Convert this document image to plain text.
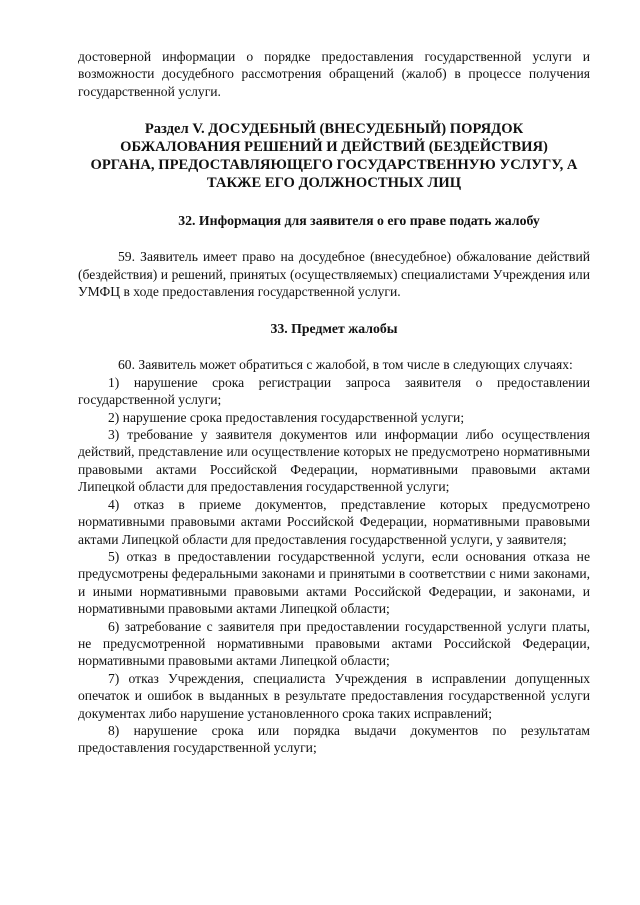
достоверной информации о порядке предоставления государственной услуги и возможности досудебного рассмотрения обращений (жалоб) в процессе получения государственной услуги.

Раздел V. ДОСУДЕБНЫЙ (ВНЕСУДЕБНЫЙ) ПОРЯДОК ОБЖАЛОВАНИЯ РЕШЕНИЙ И ДЕЙСТВИЙ (БЕЗДЕЙСТВИЯ) ОРГАНА, ПРЕДОСТАВЛЯЮЩЕГО ГОСУДАРСТВЕННУЮ УСЛУГУ, А ТАКЖЕ ЕГО ДОЛЖНОСТНЫХ ЛИЦ

32. Информация для заявителя о его праве подать жалобу

59. Заявитель имеет право на досудебное (внесудебное) обжалование действий (бездействия) и решений, принятых (осуществляемых) специалистами Учреждения или УМФЦ в ходе предоставления государственной услуги.

33. Предмет жалобы

60. Заявитель может обратиться с жалобой, в том числе в следующих случаях:

1) нарушение срока регистрации запроса заявителя о предоставлении государственной услуги;

2) нарушение срока предоставления государственной услуги;

3) требование у заявителя документов или информации либо осуществления действий, представление или осуществление которых не предусмотрено нормативными правовыми актами Российской Федерации, нормативными правовыми актами Липецкой области для предоставления государственной услуги;

4) отказ в приеме документов, представление которых предусмотрено нормативными правовыми актами Российской Федерации, нормативными правовыми актами Липецкой области для предоставления государственной услуги, у заявителя;

5) отказ в предоставлении государственной услуги, если основания отказа не предусмотрены федеральными законами и принятыми в соответствии с ними законами, и иными нормативными правовыми актами Российской Федерации, и законами, и нормативными правовыми актами Липецкой области;

6) затребование с заявителя при предоставлении государственной услуги платы, не предусмотренной нормативными правовыми актами Российской Федерации, нормативными правовыми актами Липецкой области;

7) отказ Учреждения, специалиста Учреждения в исправлении допущенных опечаток и ошибок в выданных в результате предоставления государственной услуги документах либо нарушение установленного срока таких исправлений;

8) нарушение срока или порядка выдачи документов по результатам предоставления государственной услуги;
